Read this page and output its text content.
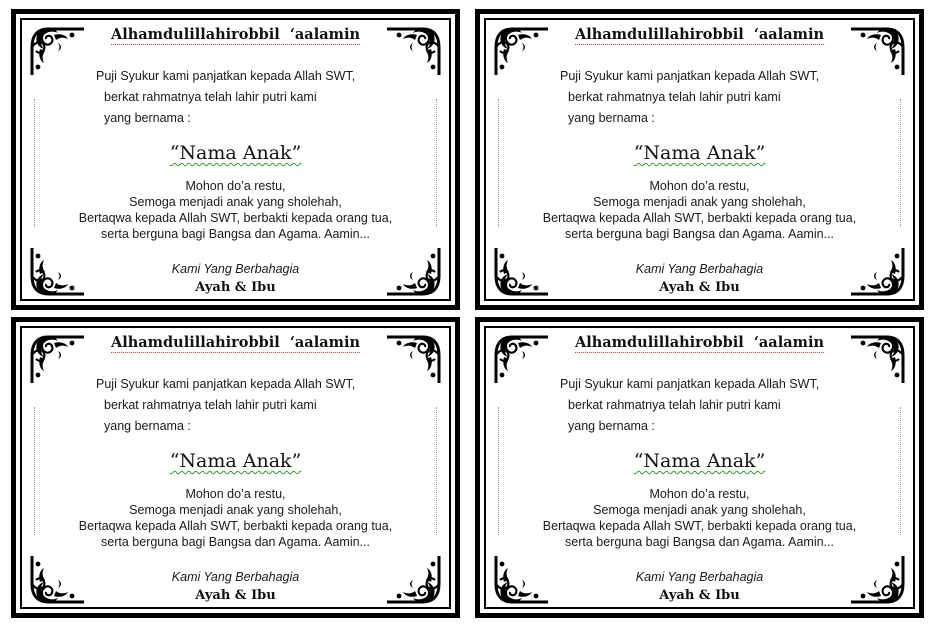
Alhamdulillahirobbil  ‘aalamin
Puji Syukur kami panjatkan kepada Allah SWT,
berkat rahmatnya telah lahir putri kami
yang bernama :
“Nama Anak”
Mohon do’a restu,
Semoga menjadi anak yang sholehah,
Bertaqwa kepada Allah SWT, berbakti kepada orang tua,
serta berguna bagi Bangsa dan Agama. Aamin...
Kami Yang Berbahagia
Ayah & Ibu
Alhamdulillahirobbil  ‘aalamin
Puji Syukur kami panjatkan kepada Allah SWT,
berkat rahmatnya telah lahir putri kami
yang bernama :
“Nama Anak”
Mohon do’a restu,
Semoga menjadi anak yang sholehah,
Bertaqwa kepada Allah SWT, berbakti kepada orang tua,
serta berguna bagi Bangsa dan Agama. Aamin...
Kami Yang Berbahagia
Ayah & Ibu
Alhamdulillahirobbil  ‘aalamin
Puji Syukur kami panjatkan kepada Allah SWT,
berkat rahmatnya telah lahir putri kami
yang bernama :
“Nama Anak”
Mohon do’a restu,
Semoga menjadi anak yang sholehah,
Bertaqwa kepada Allah SWT, berbakti kepada orang tua,
serta berguna bagi Bangsa dan Agama. Aamin...
Kami Yang Berbahagia
Ayah & Ibu
Alhamdulillahirobbil  ‘aalamin
Puji Syukur kami panjatkan kepada Allah SWT,
berkat rahmatnya telah lahir putri kami
yang bernama :
“Nama Anak”
Mohon do’a restu,
Semoga menjadi anak yang sholehah,
Bertaqwa kepada Allah SWT, berbakti kepada orang tua,
serta berguna bagi Bangsa dan Agama. Aamin...
Kami Yang Berbahagia
Ayah & Ibu
